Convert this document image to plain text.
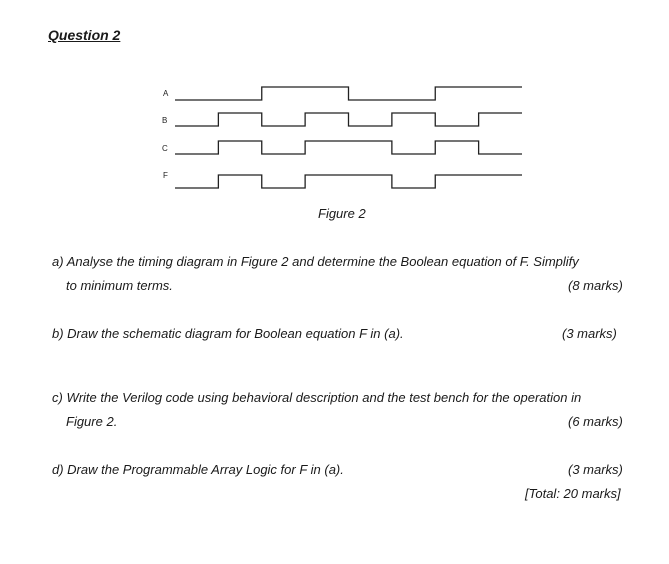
Question 2
A
B
C
F
Figure 2
a) Analyse the timing diagram in Figure 2 and determine the Boolean equation of F. Simplify
to minimum terms.	(8 marks)
b) Draw the schematic diagram for Boolean equation F in (a).	(3 marks)
c) Write the Verilog code using behavioral description and the test bench for the operation in
Figure 2.	(6 marks)
d) Draw the Programmable Array Logic for F in (a).	(3 marks)
[Total: 20 marks]
